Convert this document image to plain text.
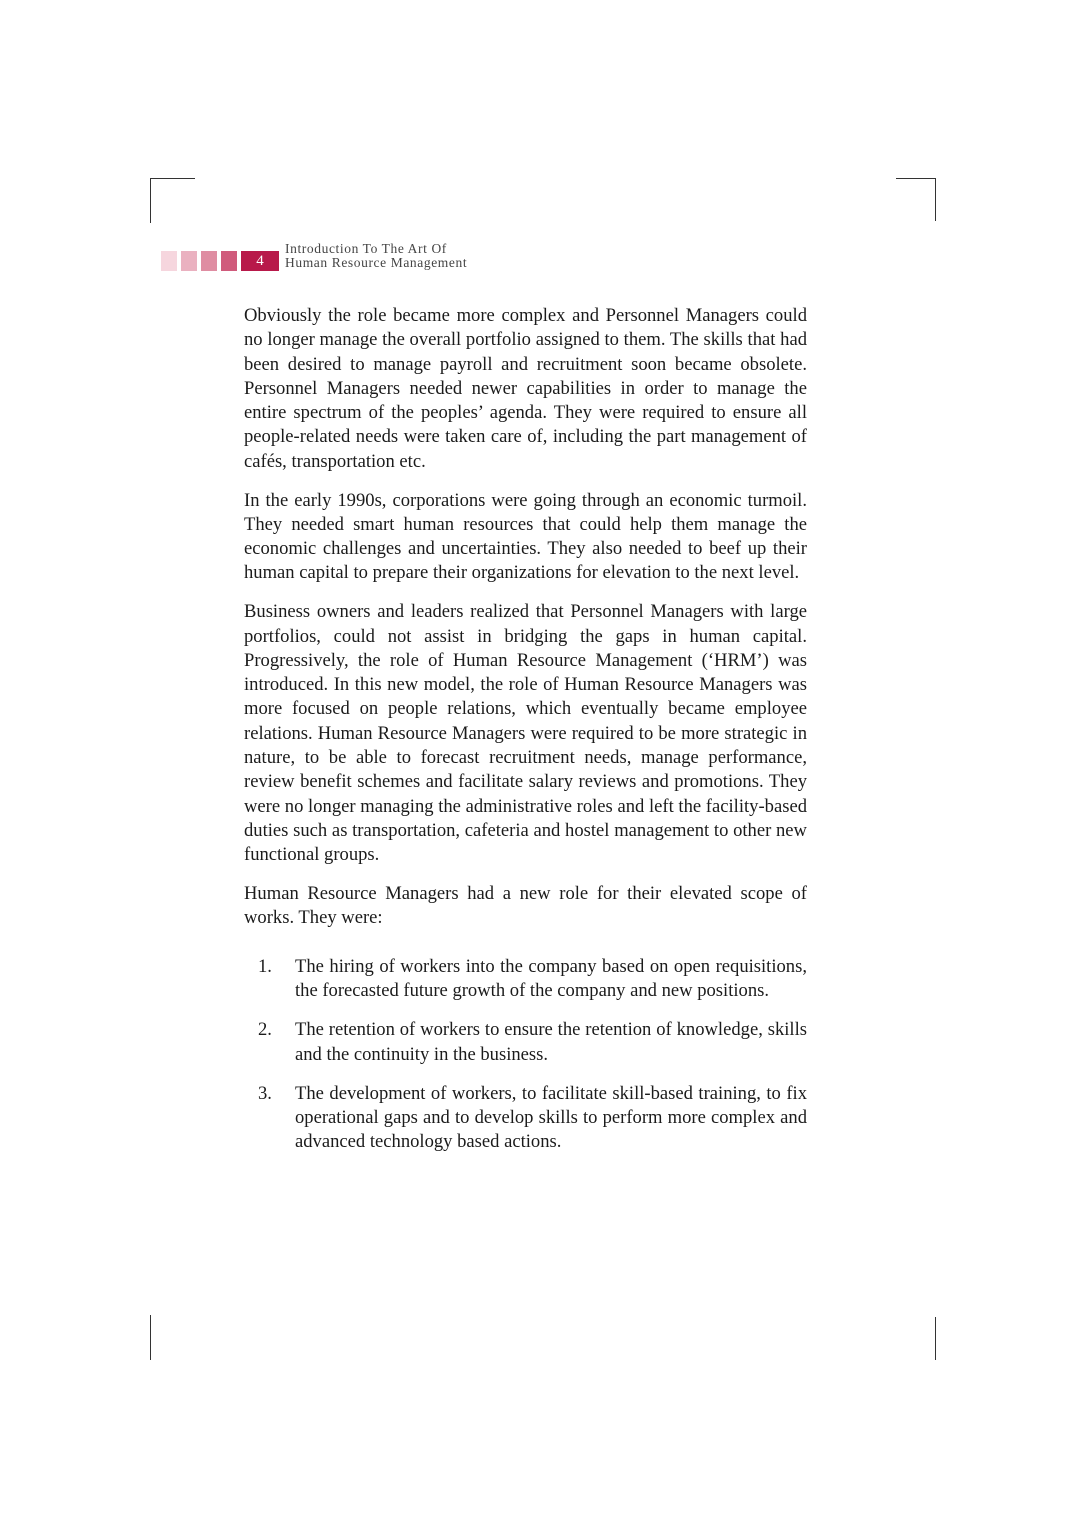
4
Introduction To The Art Of
Human Resource Management

Obviously the role became more complex and Personnel Managers could no longer manage the overall portfolio assigned to them. The skills that had been desired to manage payroll and recruitment soon became obsolete. Personnel Managers needed newer capabilities in order to manage the entire spectrum of the peoples’ agenda. They were required to ensure all people-related needs were taken care of, including the part management of cafés, transportation etc.

In the early 1990s, corporations were going through an economic turmoil. They needed smart human resources that could help them manage the economic challenges and uncertainties. They also needed to beef up their human capital to prepare their organizations for elevation to the next level.

Business owners and leaders realized that Personnel Managers with large portfolios, could not assist in bridging the gaps in human capital. Progressively, the role of Human Resource Management (‘HRM’) was introduced. In this new model, the role of Human Resource Managers was more focused on people relations, which eventually became employee relations. Human Resource Managers were required to be more strategic in nature, to be able to forecast recruitment needs, manage performance, review benefit schemes and facilitate salary reviews and promotions. They were no longer managing the administrative roles and left the facility-based duties such as transportation, cafeteria and hostel management to other new functional groups.

Human Resource Managers had a new role for their elevated scope of works. They were:

1.	The hiring of workers into the company based on open requisitions, the forecasted future growth of the company and new positions.
2.	The retention of workers to ensure the retention of knowledge, skills and the continuity in the business.
3.	The development of workers, to facilitate skill-based training, to fix operational gaps and to develop skills to perform more complex and advanced technology based actions.
